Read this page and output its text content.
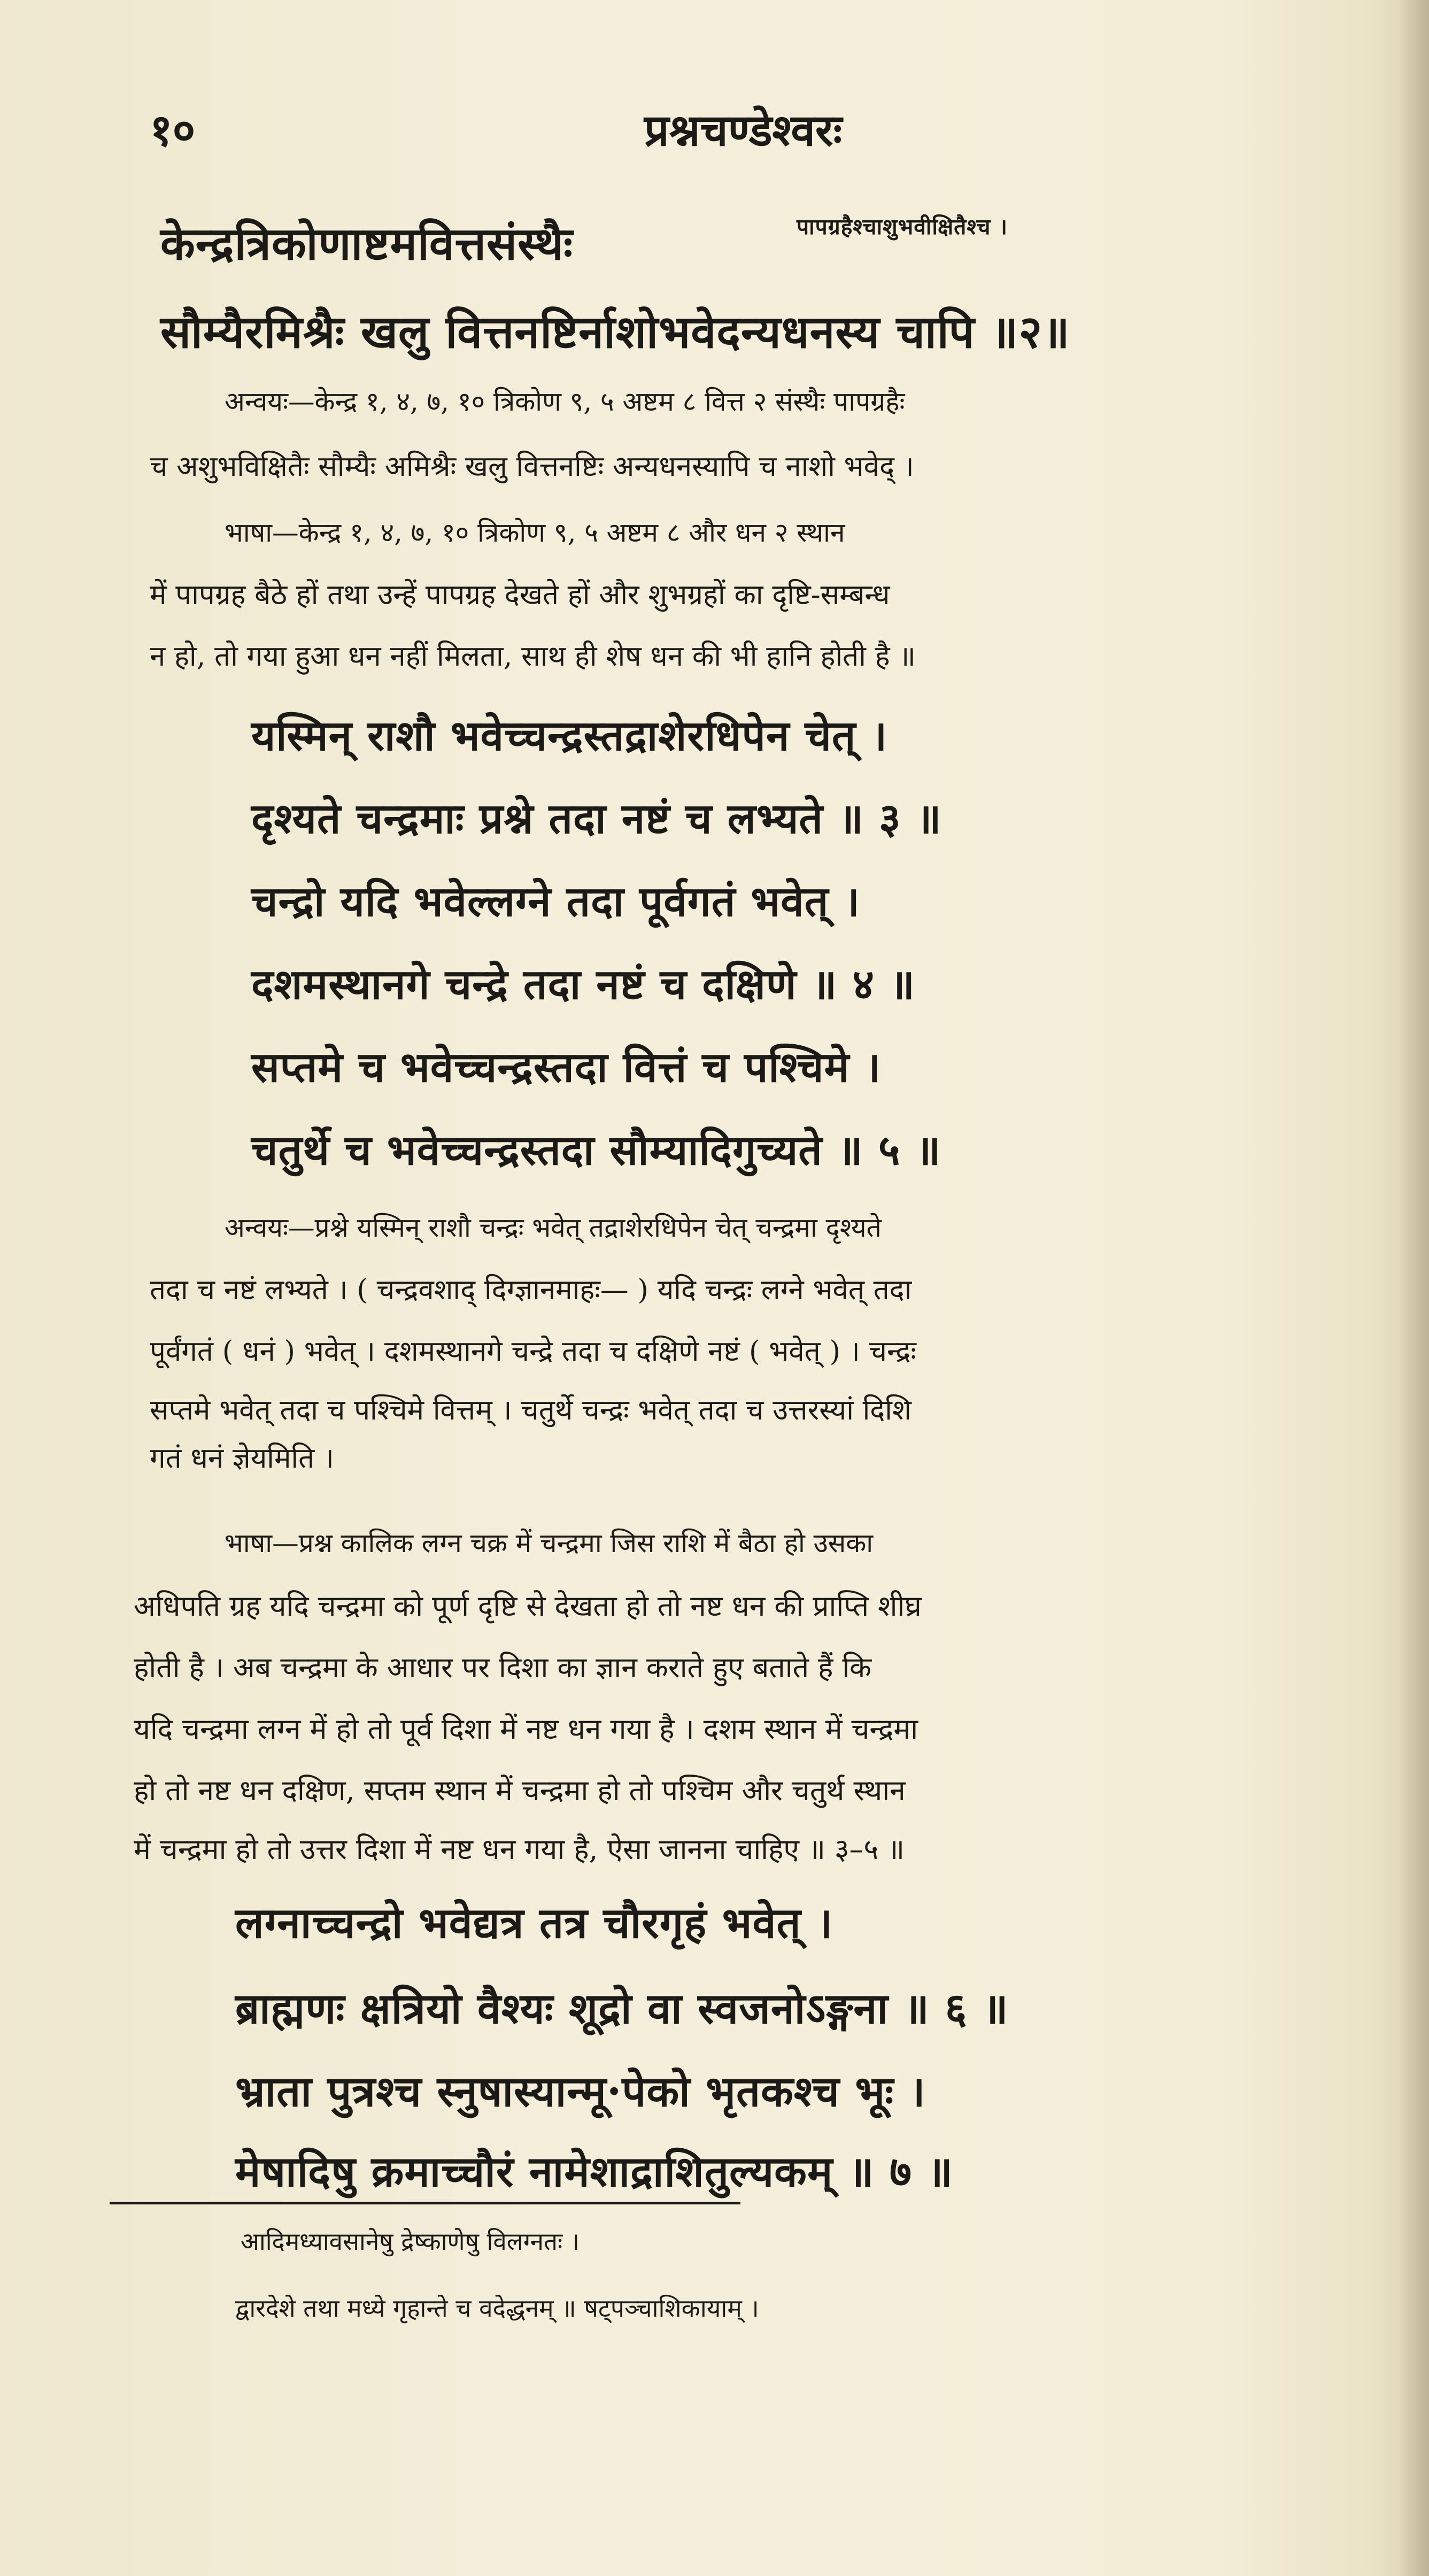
प्रश्नचण्डेश्वरः
१०
केन्द्रत्रिकोणाष्टमवित्तसंस्थैः	पापग्रहैश्चाशुभवीक्षितैश्च ।
सौम्यैरमिश्रैः खलु वित्तनष्टिर्नाशोभवेदन्यधनस्य चापि ॥२॥
अन्वयः—केन्द्र १, ४, ७, १० त्रिकोण ९, ५ अष्टम ८ वित्त २ संस्थैः पापग्रहैः
च अशुभविक्षितैः सौम्यैः अमिश्रैः खलु वित्तनष्टिः अन्यधनस्यापि च नाशो भवेद् ।
भाषा—केन्द्र १, ४, ७, १० त्रिकोण ९, ५ अष्टम ८ और धन २ स्थान
में पापग्रह बैठे हों तथा उन्हें पापग्रह देखते हों और शुभग्रहों का दृष्टि-सम्बन्ध
न हो, तो गया हुआ धन नहीं मिलता, साथ ही शेष धन की भी हानि होती है ॥
यस्मिन् राशौ भवेच्चन्द्रस्तद्राशेरधिपेन चेत् ।
दृश्यते चन्द्रमाः प्रश्ने तदा नष्टं च लभ्यते ॥ ३ ॥
चन्द्रो यदि भवेल्लग्ने तदा पूर्वगतं भवेत् ।
दशमस्थानगे चन्द्रे तदा नष्टं च दक्षिणे ॥ ४ ॥
सप्तमे च भवेच्चन्द्रस्तदा वित्तं च पश्चिमे ।
चतुर्थे च भवेच्चन्द्रस्तदा सौम्यादिगुच्यते ॥ ५ ॥
अन्वयः—प्रश्ने यस्मिन् राशौ चन्द्रः भवेत् तद्राशेरधिपेन चेत् चन्द्रमा दृश्यते
तदा च नष्टं लभ्यते । ( चन्द्रवशाद् दिग्ज्ञानमाहः— ) यदि चन्द्रः लग्ने भवेत् तदा
पूर्वंगतं ( धनं ) भवेत् । दशमस्थानगे चन्द्रे तदा च दक्षिणे नष्टं ( भवेत् ) । चन्द्रः
सप्तमे भवेत् तदा च पश्चिमे वित्तम् । चतुर्थे चन्द्रः भवेत् तदा च उत्तरस्यां दिशि
गतं धनं ज्ञेयमिति ।
भाषा—प्रश्न कालिक लग्न चक्र में चन्द्रमा जिस राशि में बैठा हो उसका
अधिपति ग्रह यदि चन्द्रमा को पूर्ण दृष्टि से देखता हो तो नष्ट धन की प्राप्ति शीघ्र
होती है । अब चन्द्रमा के आधार पर दिशा का ज्ञान कराते हुए बताते हैं कि
यदि चन्द्रमा लग्न में हो तो पूर्व दिशा में नष्ट धन गया है । दशम स्थान में चन्द्रमा
हो तो नष्ट धन दक्षिण, सप्तम स्थान में चन्द्रमा हो तो पश्चिम और चतुर्थ स्थान
में चन्द्रमा हो तो उत्तर दिशा में नष्ट धन गया है, ऐसा जानना चाहिए ॥ ३–५ ॥
लग्नाच्चन्द्रो भवेद्यत्र तत्र चौरगृहं भवेत् ।
ब्राह्मणः क्षत्रियो वैश्यः शूद्रो वा स्वजनोऽङ्गना ॥ ६ ॥
भ्राता पुत्रश्च स्नुषास्यान्मू·पेको भृतकश्च भूः ।
मेषादिषु क्रमाच्चौरं नामेशाद्राशितुल्यकम् ॥ ७ ॥
आदिमध्यावसानेषु द्रेष्काणेषु विलग्नतः ।
द्वारदेशे तथा मध्ये गृहान्ते च वदेद्धनम् ॥ षट्पञ्चाशिकायाम् ।
